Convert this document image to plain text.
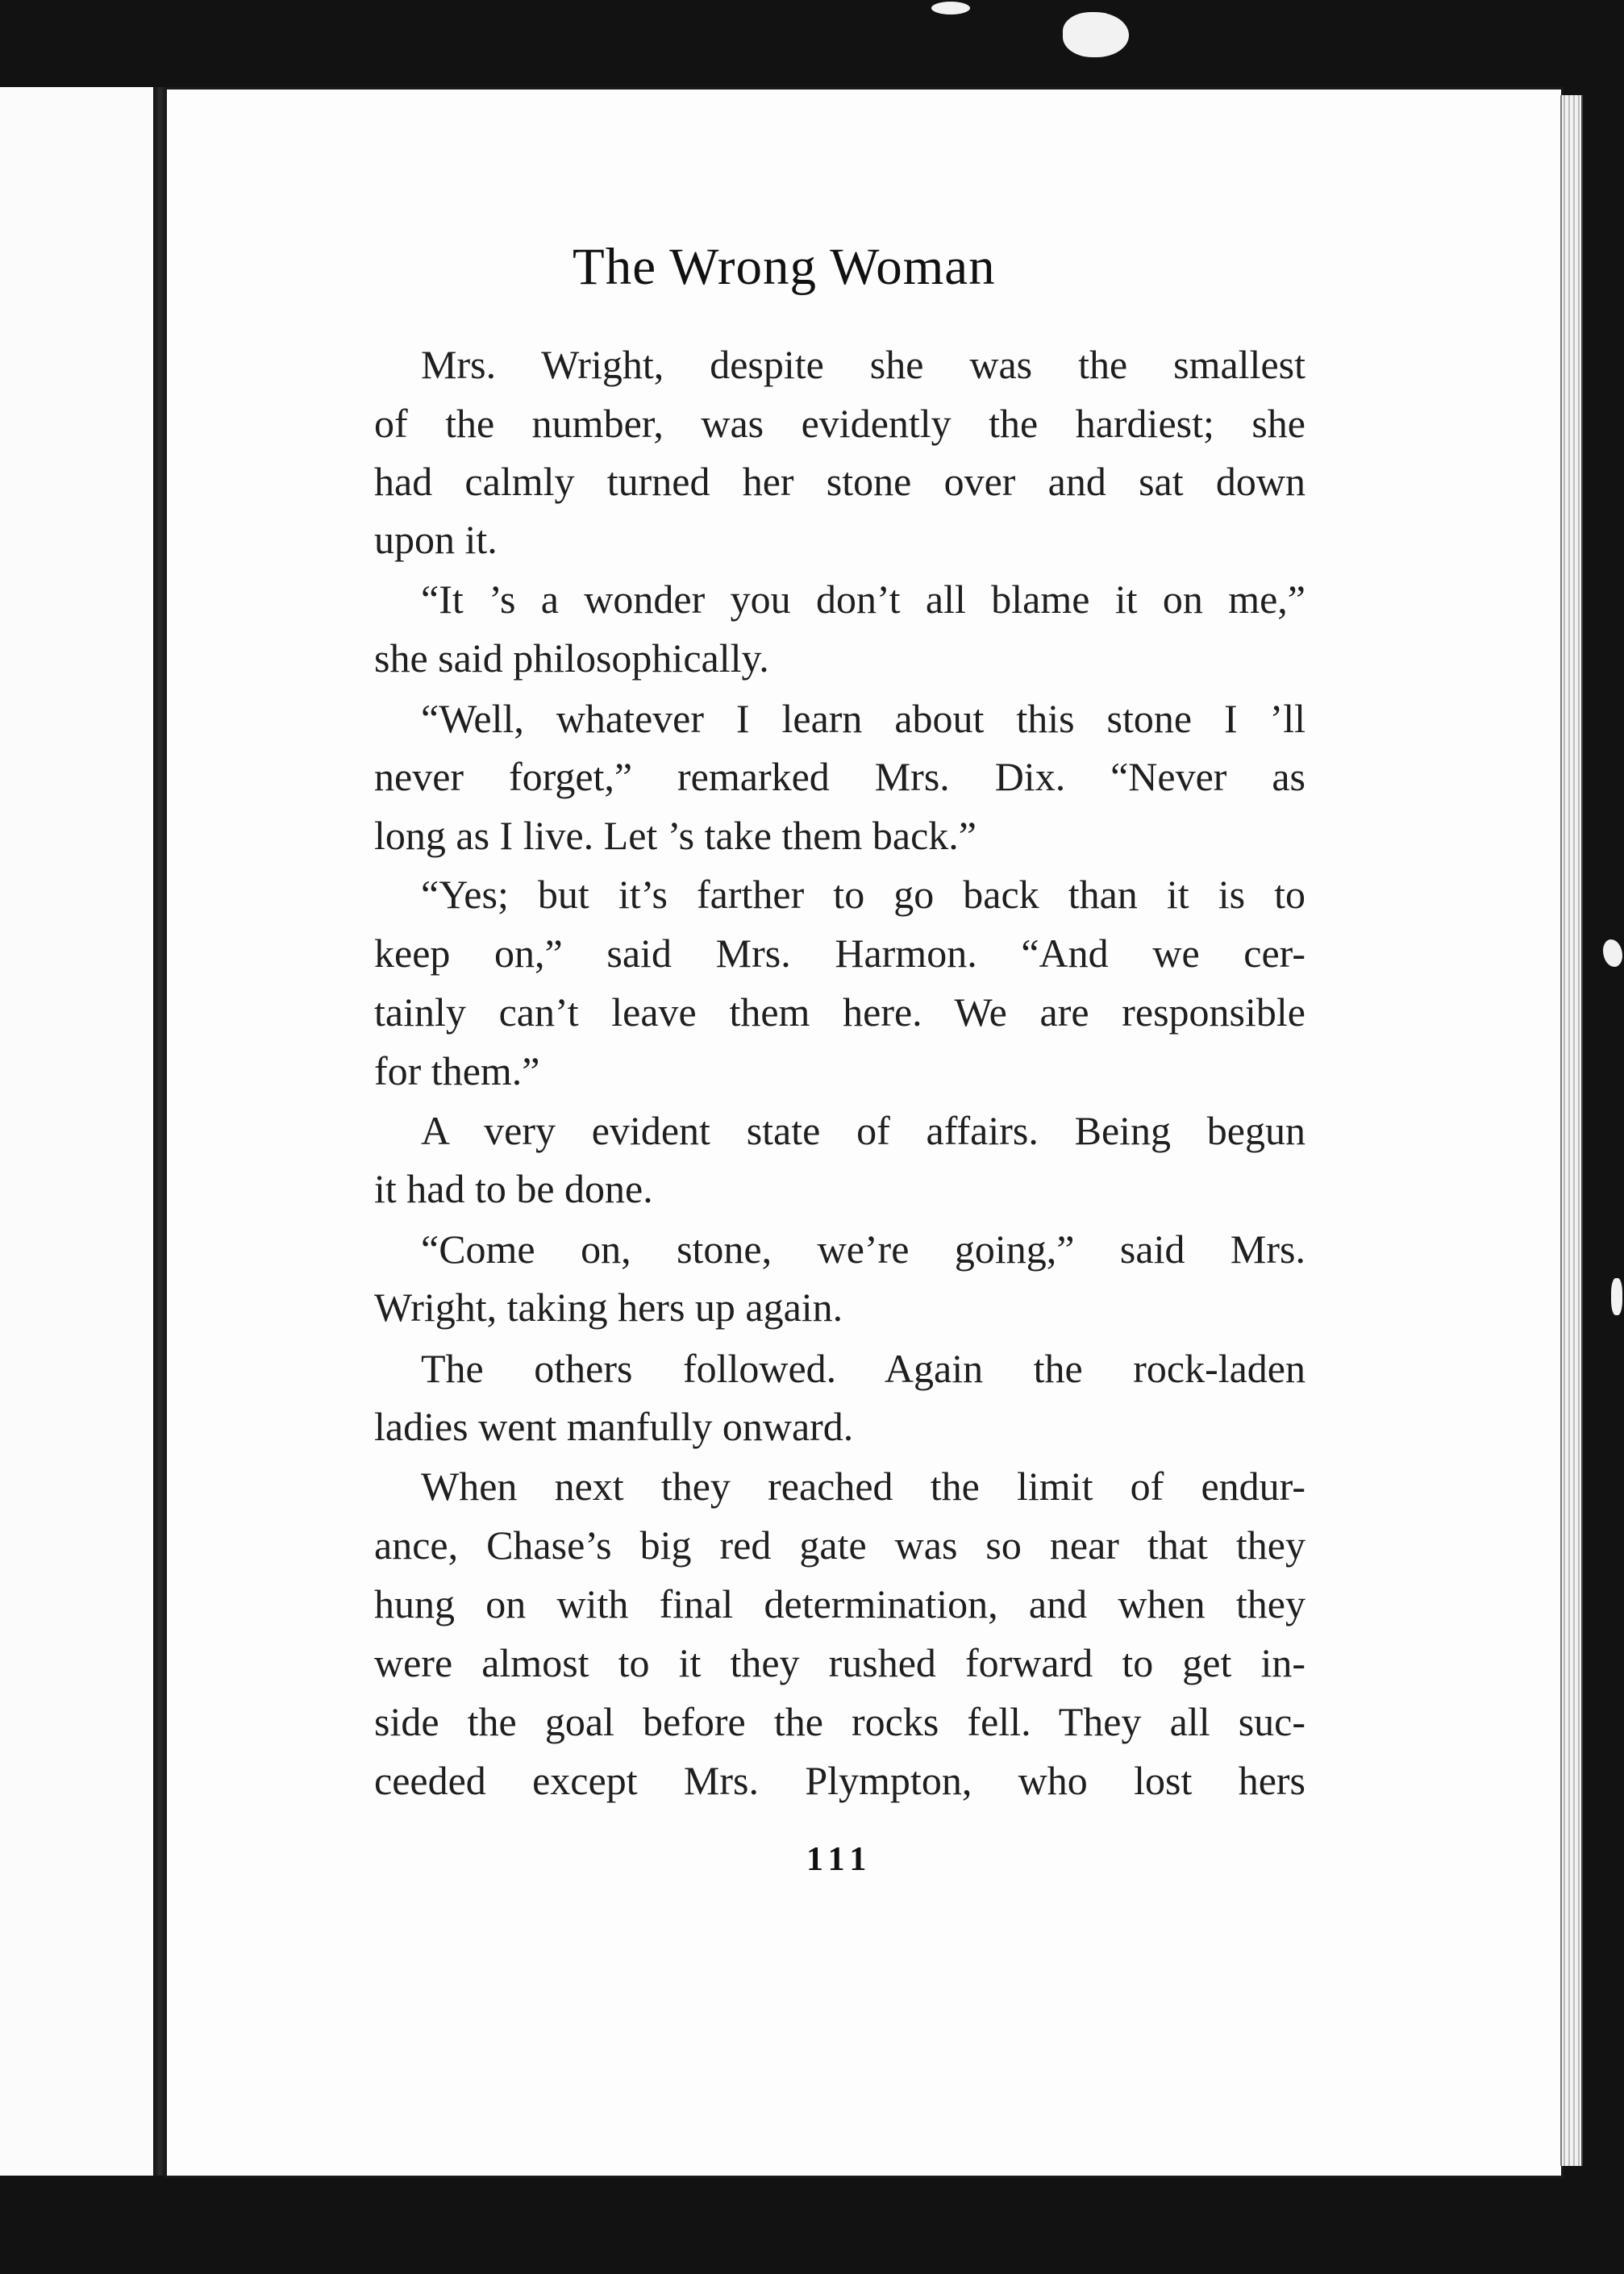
The Wrong Woman
Mrs. Wright, despite she was the smallest
of the number, was evidently the hardiest; she
had calmly turned her stone over and sat down
upon it.
“It ’s a wonder you don’t all blame it on me,”
she said philosophically.
“Well, whatever I learn about this stone I ’ll
never forget,” remarked Mrs. Dix. “Never as
long as I live. Let ’s take them back.”
“Yes; but it’s farther to go back than it is to
keep on,” said Mrs. Harmon. “And we cer-
tainly can’t leave them here. We are responsible
for them.”
A very evident state of affairs. Being begun
it had to be done.
“Come on, stone, we’re going,” said Mrs.
Wright, taking hers up again.
The others followed. Again the rock-laden
ladies went manfully onward.
When next they reached the limit of endur-
ance, Chase’s big red gate was so near that they
hung on with final determination, and when they
were almost to it they rushed forward to get in-
side the goal before the rocks fell. They all suc-
ceeded except Mrs. Plympton, who lost hers
111
